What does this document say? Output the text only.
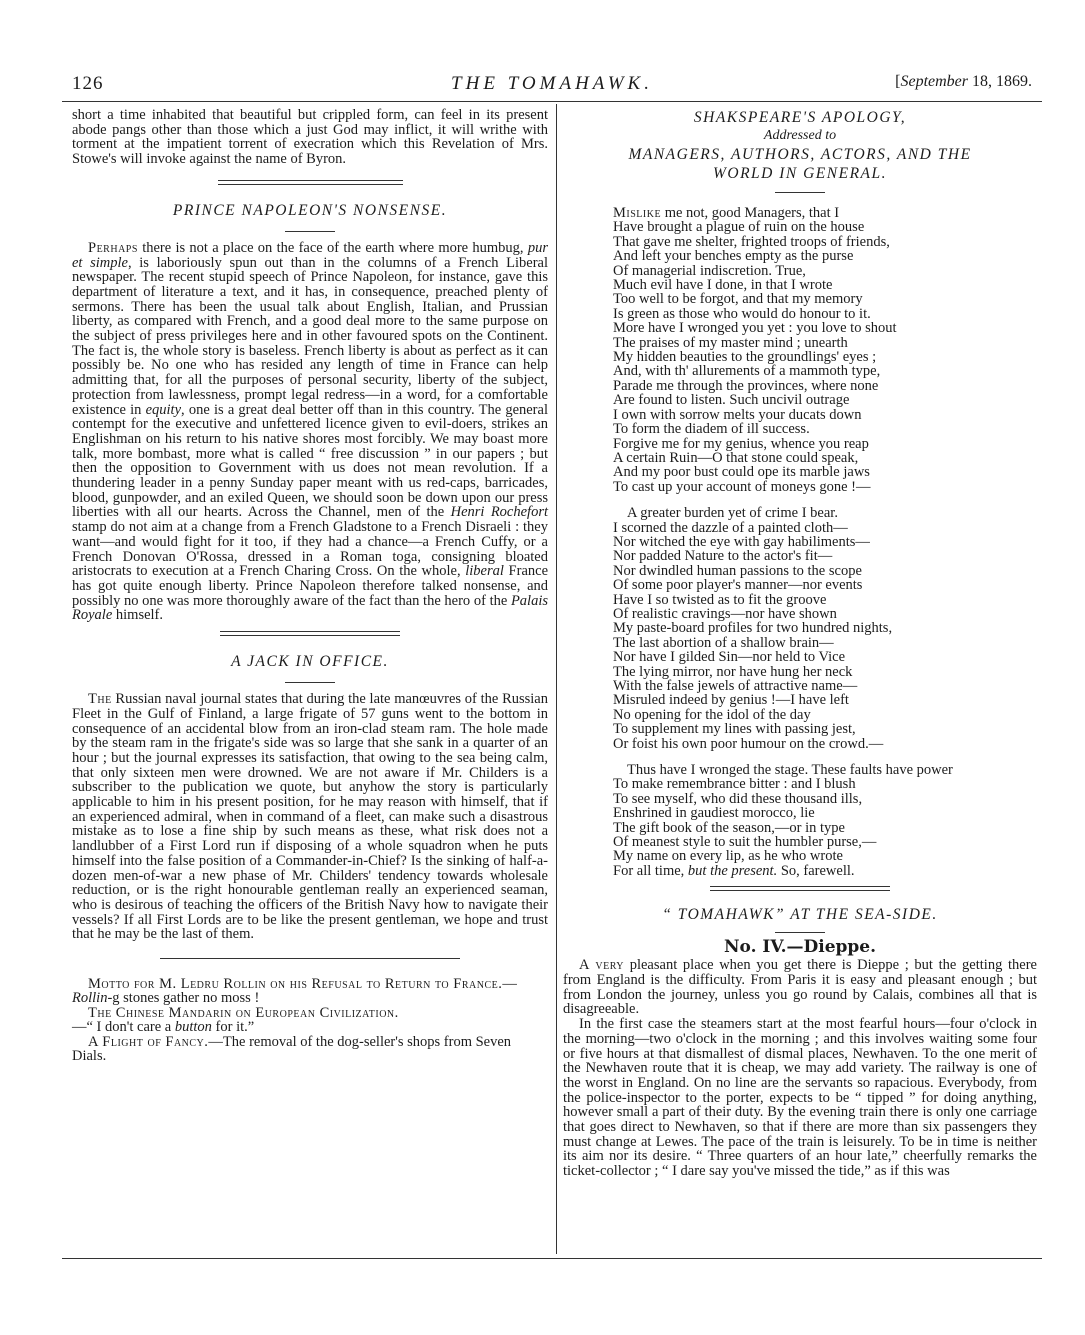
126	THE TOMAHAWK.	[September 18, 1869.

short a time inhabited that beautiful but crippled form, can feel in its present abode pangs other than those which a just God may inflict, it will writhe with torment at the impatient torrent of execration which this Revelation of Mrs. Stowe's will invoke against the name of Byron.

PRINCE NAPOLEON'S NONSENSE.

Perhaps there is not a place on the face of the earth where more humbug, pur et simple, is laboriously spun out than in the columns of a French Liberal newspaper. The recent stupid speech of Prince Napoleon, for instance, gave this department of literature a text, and it has, in consequence, preached plenty of sermons. There has been the usual talk about English, Italian, and Prussian liberty, as compared with French, and a good deal more to the same purpose on the subject of press privileges here and in other favoured spots on the Continent. The fact is, the whole story is baseless. French liberty is about as perfect as it can possibly be. No one who has resided any length of time in France can help admitting that, for all the purposes of personal security, liberty of the subject, protection from lawlessness, prompt legal redress—in a word, for a comfortable existence in equity, one is a great deal better off than in this country. The general contempt for the executive and unfettered licence given to evil-doers, strikes an Englishman on his return to his native shores most forcibly. We may boast more talk, more bombast, more what is called “ free discussion ” in our papers ; but then the opposition to Government with us does not mean revolution. If a thundering leader in a penny Sunday paper meant with us red-caps, barricades, blood, gunpowder, and an exiled Queen, we should soon be down upon our press liberties with all our hearts. Across the Channel, men of the Henri Rochefort stamp do not aim at a change from a French Gladstone to a French Disraeli : they want—and would fight for it too, if they had a chance—a French Cuffy, or a French Donovan O'Rossa, dressed in a Roman toga, consigning bloated aristocrats to execution at a French Charing Cross. On the whole, liberal France has got quite enough liberty. Prince Napoleon therefore talked nonsense, and possibly no one was more thoroughly aware of the fact than the hero of the Palais Royale himself.

A JACK IN OFFICE.

The Russian naval journal states that during the late manœuvres of the Russian Fleet in the Gulf of Finland, a large frigate of 57 guns went to the bottom in consequence of an accidental blow from an iron-clad steam ram. The hole made by the steam ram in the frigate's side was so large that she sank in a quarter of an hour ; but the journal expresses its satisfaction, that owing to the sea being calm, that only sixteen men were drowned. We are not aware if Mr. Childers is a subscriber to the publication we quote, but anyhow the story is particularly applicable to him in his present position, for he may reason with himself, that if an experienced admiral, when in command of a fleet, can make such a disastrous mistake as to lose a fine ship by such means as these, what risk does not a landlubber of a First Lord run if disposing of a whole squadron when he puts himself into the false position of a Commander-in-Chief? Is the sinking of half-a-dozen men-of-war a new phase of Mr. Childers' tendency towards wholesale reduction, or is the right honourable gentleman really an experienced seaman, who is desirous of teaching the officers of the British Navy how to navigate their vessels? If all First Lords are to be like the present gentleman, we hope and trust that he may be the last of them.

Motto for M. Ledru Rollin on his Refusal to Return to France.—Rollin-g stones gather no moss !

The Chinese Mandarin on European Civilization.

—“ I don't care a button for it.”

A Flight of Fancy.—The removal of the dog-seller's shops from Seven Dials.

SHAKSPEARE'S APOLOGY,

Addressed to

MANAGERS, AUTHORS, ACTORS, AND THE

WORLD IN GENERAL.

Mislike me not, good Managers, that I
Have brought a plague of ruin on the house
That gave me shelter, frighted troops of friends,
And left your benches empty as the purse
Of managerial indiscretion. True,
Much evil have I done, in that I wrote
Too well to be forgot, and that my memory
Is green as those who would do honour to it.
More have I wronged you yet : you love to shout
The praises of my master mind ; unearth
My hidden beauties to the groundlings' eyes ;
And, with th' allurements of a mammoth type,
Parade me through the provinces, where none
Are found to listen. Such uncivil outrage
I own with sorrow melts your ducats down
To form the diadem of ill success.
Forgive me for my genius, whence you reap
A certain Ruin—O that stone could speak,
And my poor bust could ope its marble jaws
To cast up your account of moneys gone !—
A greater burden yet of crime I bear.
I scorned the dazzle of a painted cloth—
Nor witched the eye with gay habiliments—
Nor padded Nature to the actor's fit—
Nor dwindled human passions to the scope
Of some poor player's manner—nor events
Have I so twisted as to fit the groove
Of realistic cravings—nor have shown
My paste-board profiles for two hundred nights,
The last abortion of a shallow brain—
Nor have I gilded Sin—nor held to Vice
The lying mirror, nor have hung her neck
With the false jewels of attractive name—
Misruled indeed by genius !—I have left
No opening for the idol of the day
To supplement my lines with passing jest,
Or foist his own poor humour on the crowd.—
Thus have I wronged the stage. These faults have power
To make remembrance bitter : and I blush
To see myself, who did these thousand ills,
Enshrined in gaudiest morocco, lie
The gift book of the season,—or in type
Of meanest style to suit the humbler purse,—
My name on every lip, as he who wrote
For all time, but the present. So, farewell.

“ TOMAHAWK” AT THE SEA-SIDE.

No. IV.—Dieppe.

A very pleasant place when you get there is Dieppe ; but the getting there from England is the difficulty. From Paris it is easy and pleasant enough ; but from London the journey, unless you go round by Calais, combines all that is disagreeable.

In the first case the steamers start at the most fearful hours—four o'clock in the morning—two o'clock in the morning ; and this involves waiting some four or five hours at that dismallest of dismal places, Newhaven. To the one merit of the Newhaven route that it is cheap, we may add variety. The railway is one of the worst in England. On no line are the servants so rapacious. Everybody, from the police-inspector to the porter, expects to be “ tipped ” for doing anything, however small a part of their duty. By the evening train there is only one carriage that goes direct to Newhaven, so that if there are more than six passengers they must change at Lewes. The pace of the train is leisurely. To be in time is neither its aim nor its desire. “ Three quarters of an hour late,” cheerfully remarks the ticket-collector ; “ I dare say you've missed the tide,” as if this was
